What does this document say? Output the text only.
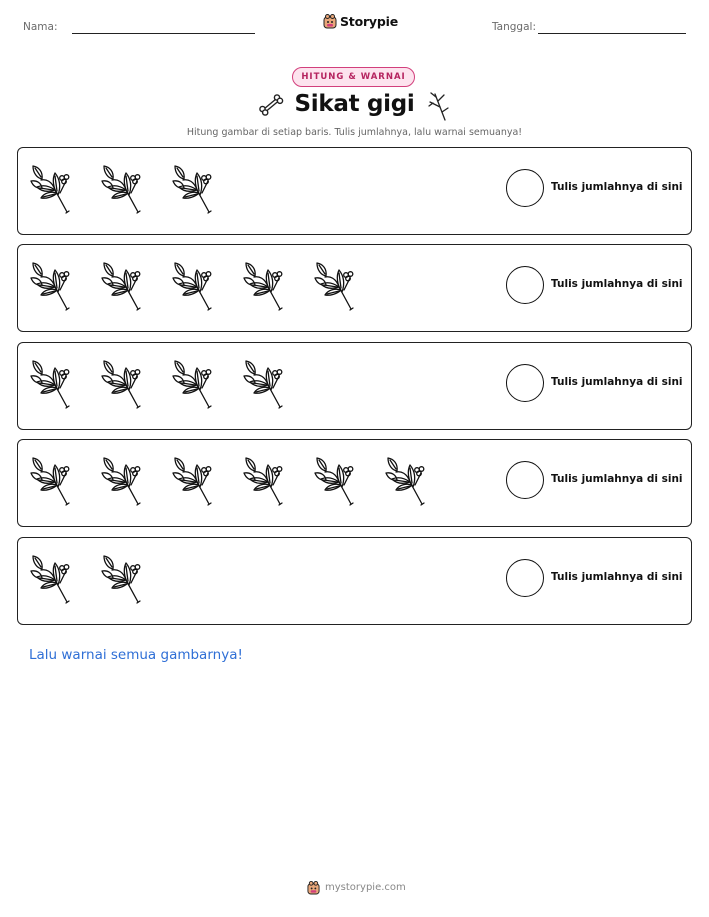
Nama:	Storypie	Tanggal:
HITUNG & WARNAI
Sikat gigi
Hitung gambar di setiap baris. Tulis jumlahnya, lalu warnai semuanya!
Tulis jumlahnya di sini
Tulis jumlahnya di sini
Tulis jumlahnya di sini
Tulis jumlahnya di sini
Tulis jumlahnya di sini
Lalu warnai semua gambarnya!
mystorypie.com
